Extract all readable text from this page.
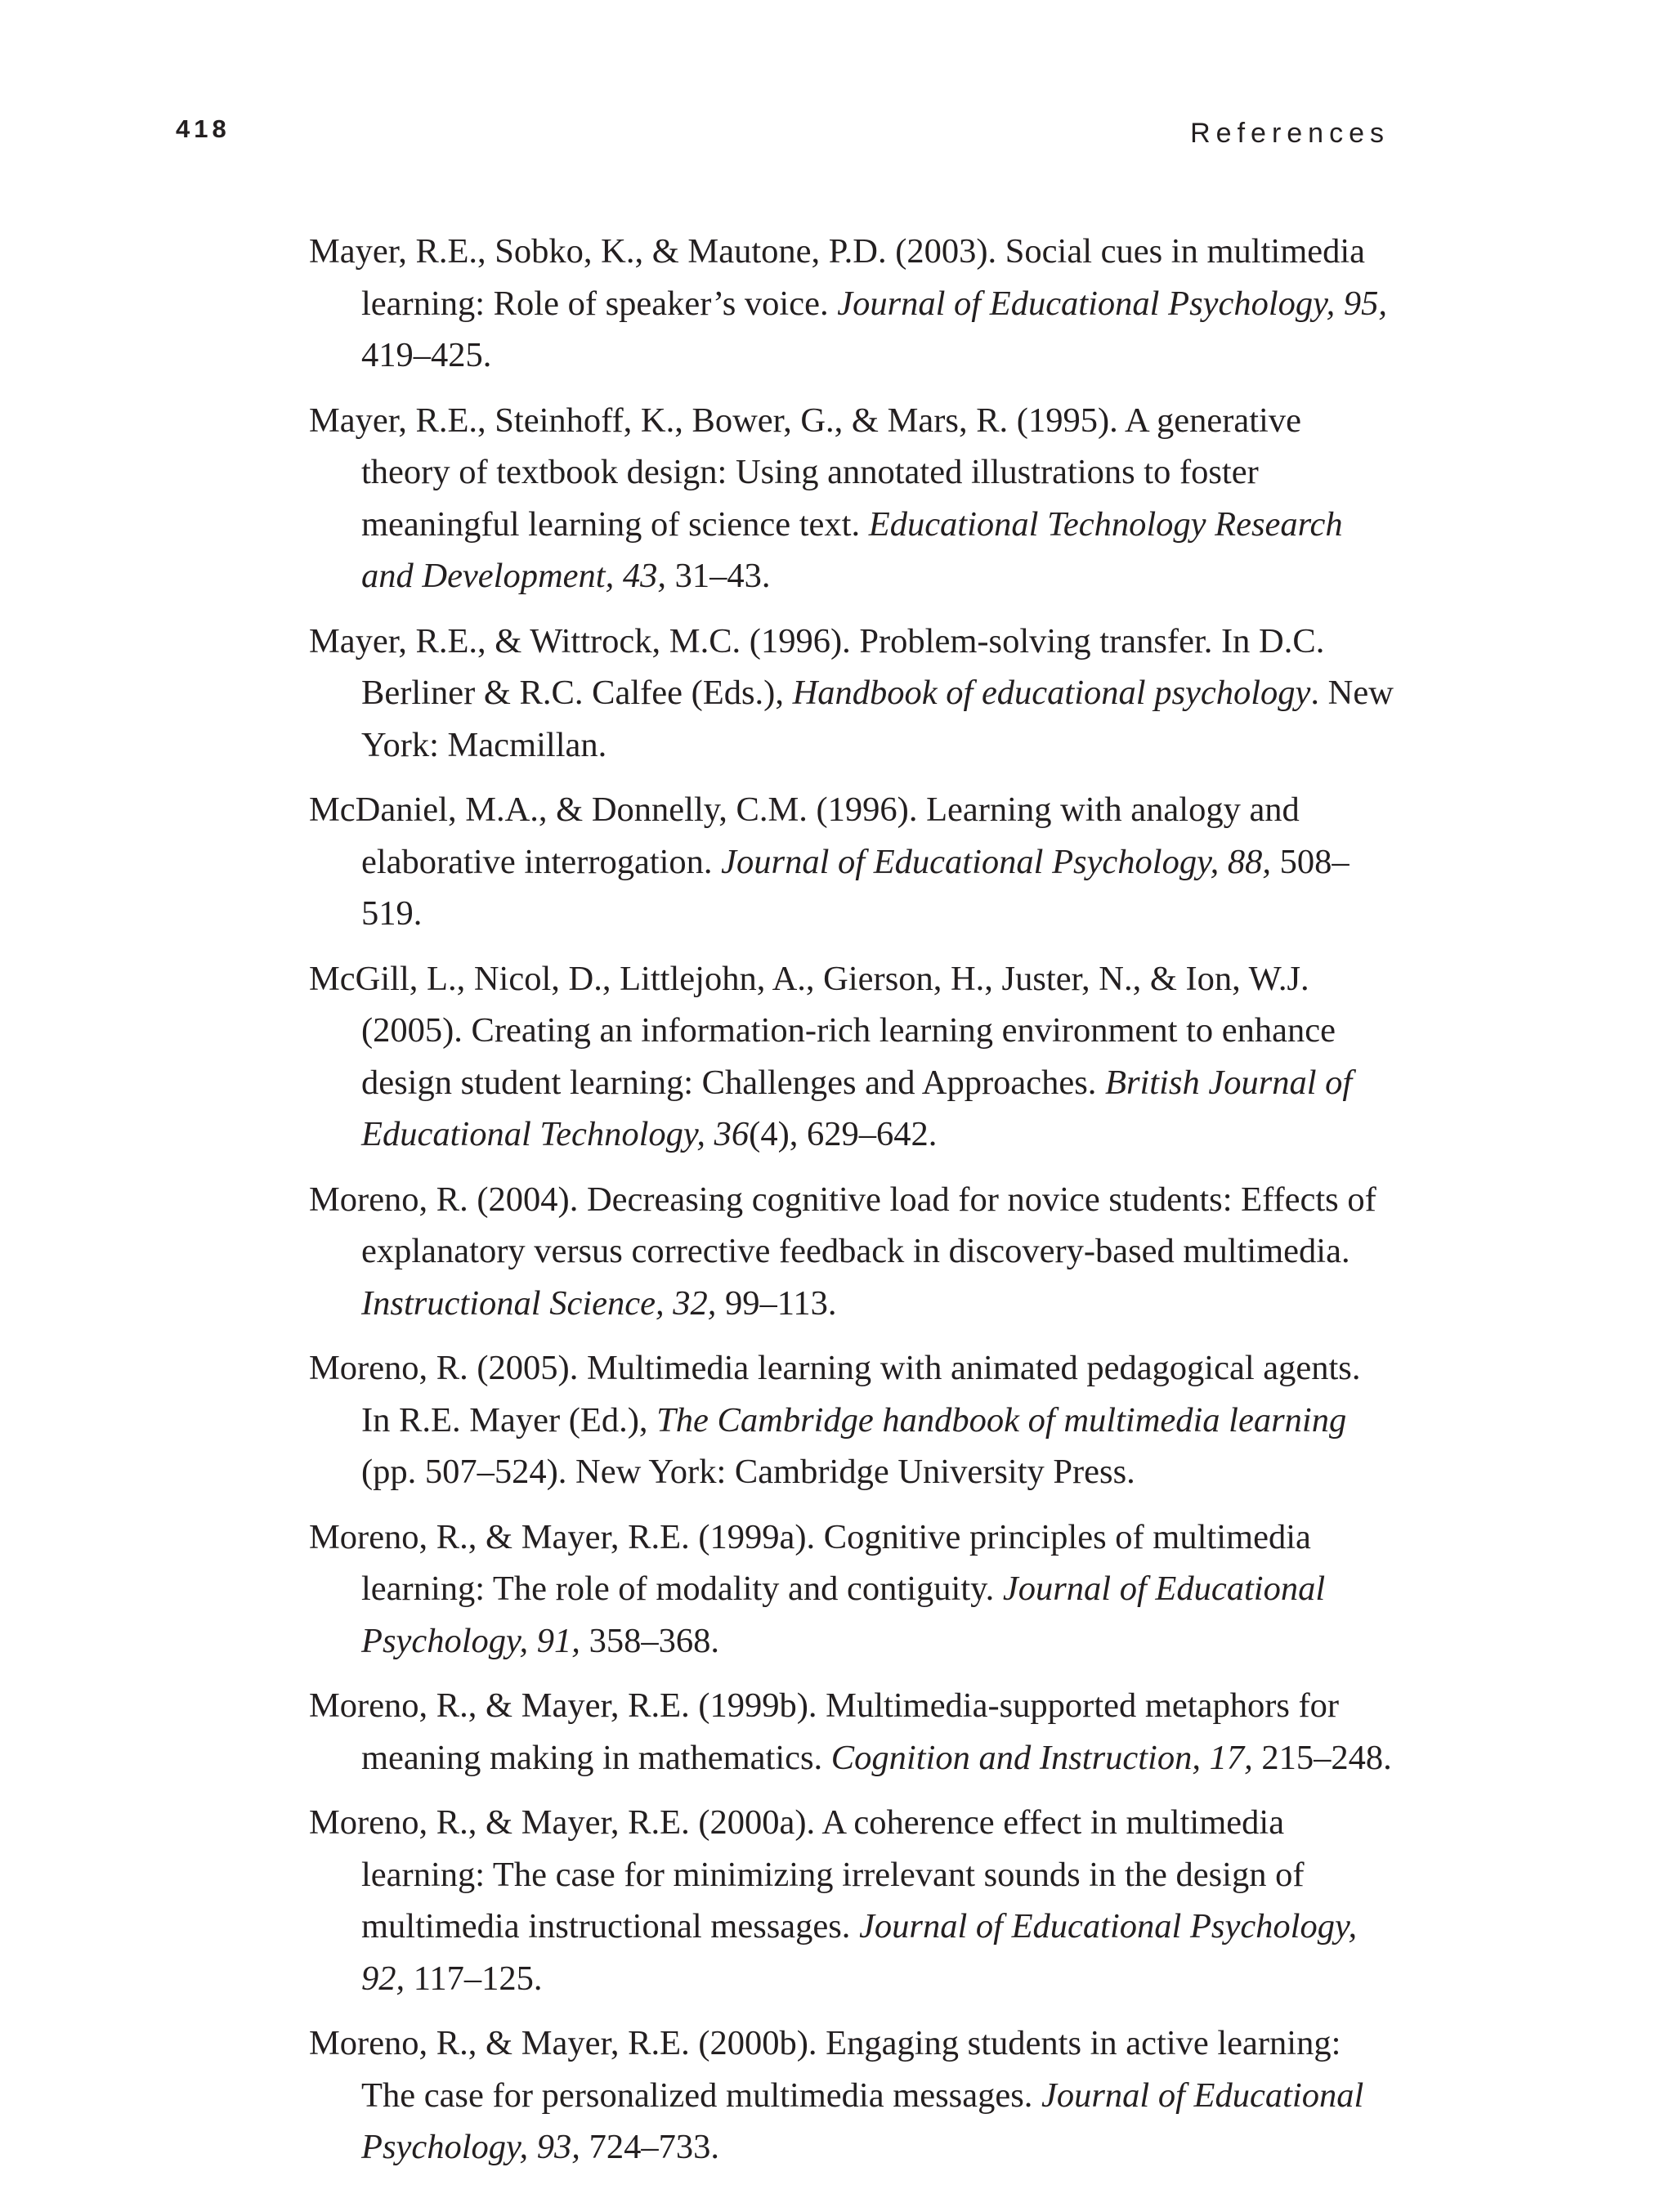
418	References
Mayer, R.E., Sobko, K., & Mautone, P.D. (2003). Social cues in multimedia learning: Role of speaker’s voice. Journal of Educational Psychology, 95, 419–425.
Mayer, R.E., Steinhoff, K., Bower, G., & Mars, R. (1995). A generative theory of textbook design: Using annotated illustrations to foster meaningful learning of science text. Educational Technology Research and Development, 43, 31–43.
Mayer, R.E., & Wittrock, M.C. (1996). Problem-solving transfer. In D.C. Berliner & R.C. Calfee (Eds.), Handbook of educational psychology. New York: Macmillan.
McDaniel, M.A., & Donnelly, C.M. (1996). Learning with analogy and elaborative interrogation. Journal of Educational Psychology, 88, 508–519.
McGill, L., Nicol, D., Littlejohn, A., Gierson, H., Juster, N., & Ion, W.J. (2005). Creating an information-rich learning environment to enhance design student learning: Challenges and Approaches. British Journal of Educational Technology, 36(4), 629–642.
Moreno, R. (2004). Decreasing cognitive load for novice students: Effects of explanatory versus corrective feedback in discovery-based multimedia. Instructional Science, 32, 99–113.
Moreno, R. (2005). Multimedia learning with animated pedagogical agents. In R.E. Mayer (Ed.), The Cambridge handbook of multimedia learning (pp. 507–524). New York: Cambridge University Press.
Moreno, R., & Mayer, R.E. (1999a). Cognitive principles of multimedia learning: The role of modality and contiguity. Journal of Educational Psychology, 91, 358–368.
Moreno, R., & Mayer, R.E. (1999b). Multimedia-supported metaphors for meaning making in mathematics. Cognition and Instruction, 17, 215–248.
Moreno, R., & Mayer, R.E. (2000a). A coherence effect in multimedia learning: The case for minimizing irrelevant sounds in the design of multimedia instructional messages. Journal of Educational Psychology, 92, 117–125.
Moreno, R., & Mayer, R.E. (2000b). Engaging students in active learning: The case for personalized multimedia messages. Journal of Educational Psychology, 93, 724–733.
